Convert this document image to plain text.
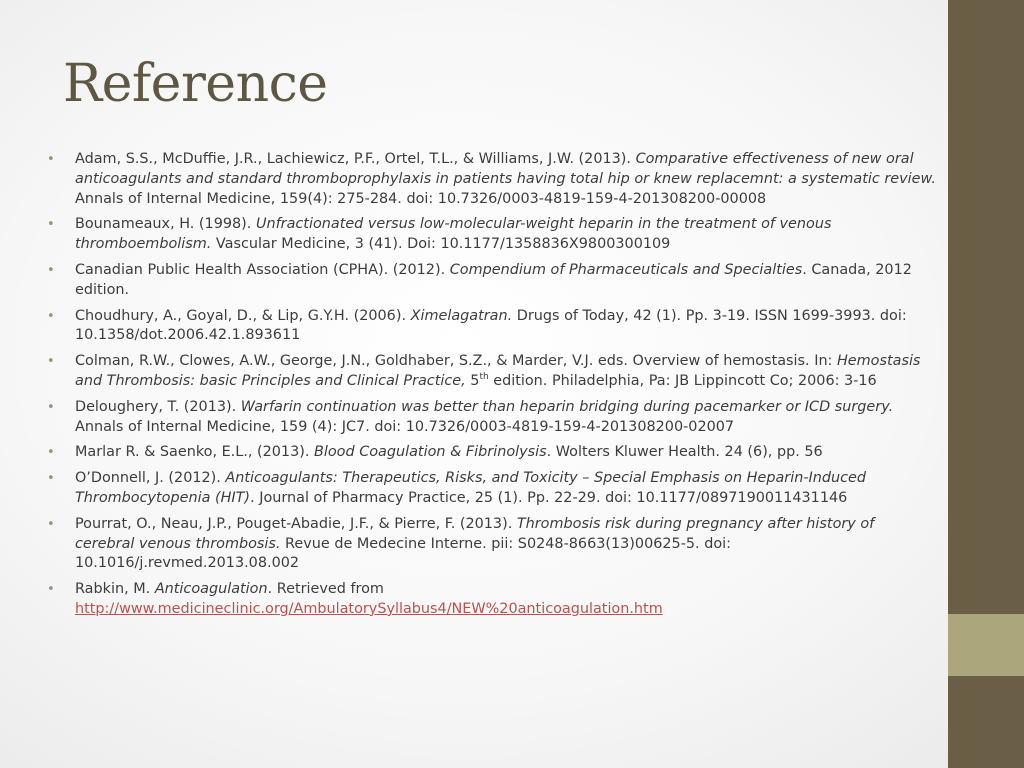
Reference
• Adam, S.S., McDuffie, J.R., Lachiewicz, P.F., Ortel, T.L., & Williams, J.W. (2013). Comparative effectiveness of new oral anticoagulants and standard thromboprophylaxis in patients having total hip or knew replacemnt: a systematic review. Annals of Internal Medicine, 159(4): 275-284. doi: 10.7326/0003-4819-159-4-201308200-00008
• Bounameaux, H. (1998). Unfractionated versus low-molecular-weight heparin in the treatment of venous thromboembolism. Vascular Medicine, 3 (41). Doi: 10.1177/1358836X9800300109
• Canadian Public Health Association (CPHA). (2012). Compendium of Pharmaceuticals and Specialties. Canada, 2012 edition.
• Choudhury, A., Goyal, D., & Lip, G.Y.H. (2006). Ximelagatran. Drugs of Today, 42 (1). Pp. 3-19. ISSN 1699-3993. doi: 10.1358/dot.2006.42.1.893611
• Colman, R.W., Clowes, A.W., George, J.N., Goldhaber, S.Z., & Marder, V.J. eds. Overview of hemostasis. In: Hemostasis and Thrombosis: basic Principles and Clinical Practice, 5th edition. Philadelphia, Pa: JB Lippincott Co; 2006: 3-16
• Deloughery, T. (2013). Warfarin continuation was better than heparin bridging during pacemarker or ICD surgery. Annals of Internal Medicine, 159 (4): JC7. doi: 10.7326/0003-4819-159-4-201308200-02007
• Marlar R. & Saenko, E.L., (2013). Blood Coagulation & Fibrinolysis. Wolters Kluwer Health. 24 (6), pp. 56
• O’Donnell, J. (2012). Anticoagulants: Therapeutics, Risks, and Toxicity – Special Emphasis on Heparin-Induced Thrombocytopenia (HIT). Journal of Pharmacy Practice, 25 (1). Pp. 22-29. doi: 10.1177/0897190011431146
• Pourrat, O., Neau, J.P., Pouget-Abadie, J.F., & Pierre, F. (2013). Thrombosis risk during pregnancy after history of cerebral venous thrombosis. Revue de Medecine Interne. pii: S0248-8663(13)00625-5. doi: 10.1016/j.revmed.2013.08.002
• Rabkin, M. Anticoagulation. Retrieved from http://www.medicineclinic.org/AmbulatorySyllabus4/NEW%20anticoagulation.htm
